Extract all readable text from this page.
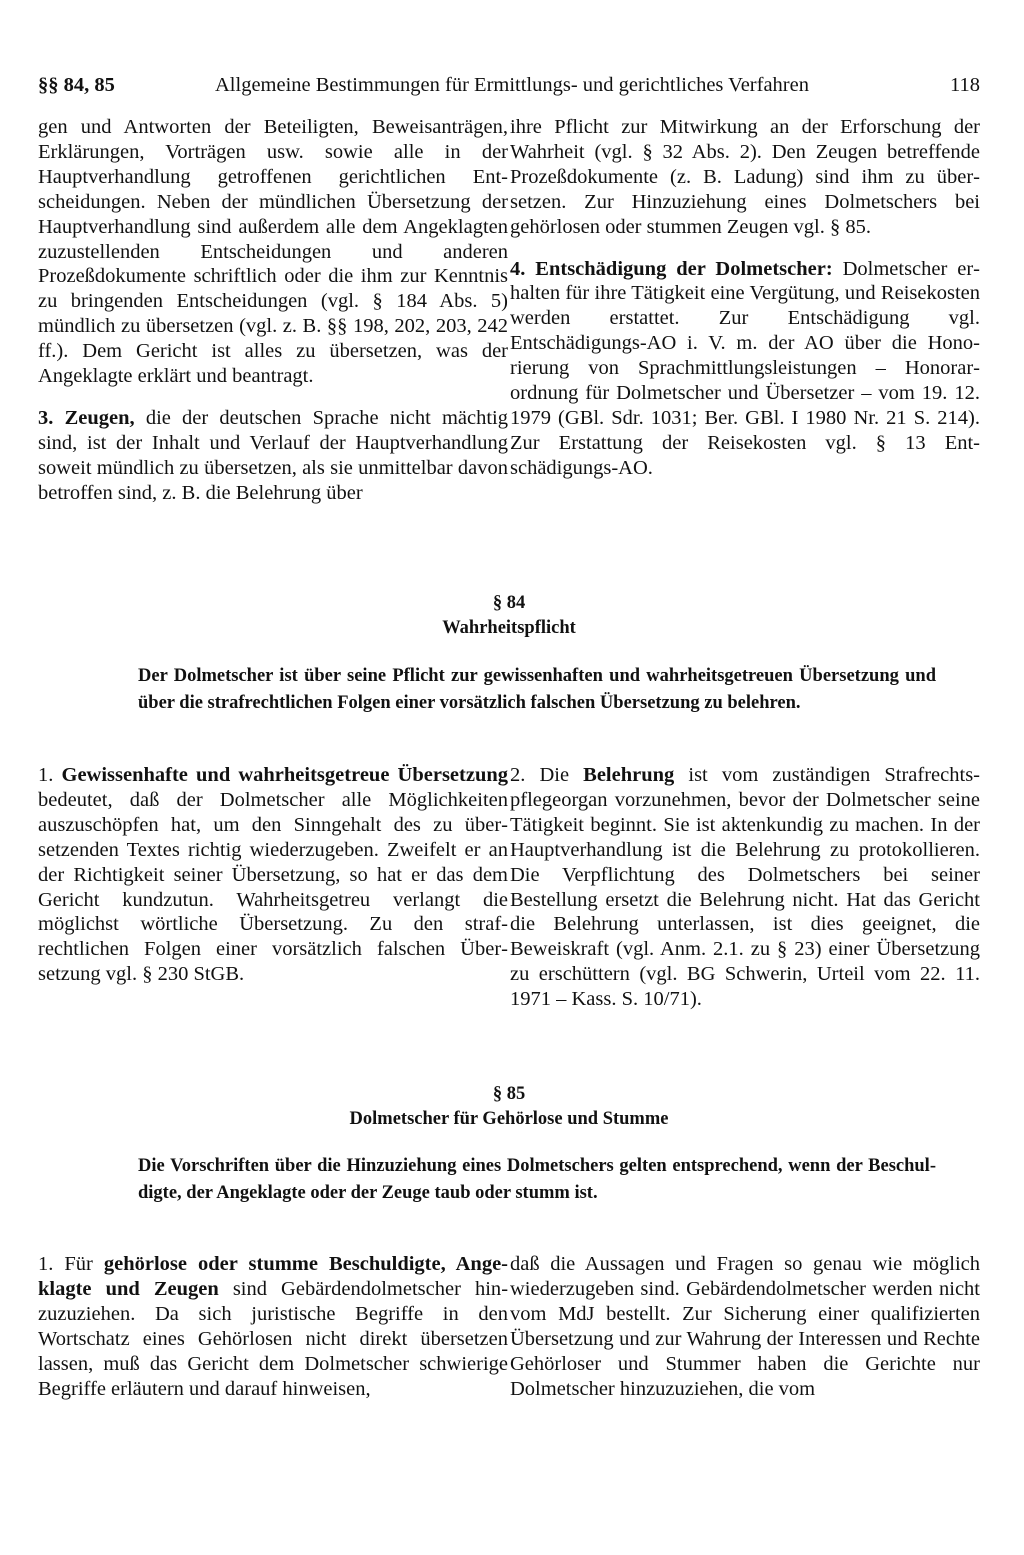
§§ 84, 85	Allgemeine Bestimmungen für Ermittlungs- und gerichtliches Verfahren	118

gen und Antworten der Beteiligten, Beweisanträgen, Erklärungen, Vorträgen usw. sowie alle in der Hauptverhandlung getroffenen gerichtlichen Entscheidungen. Neben der mündlichen Übersetzung der Hauptverhandlung sind außerdem alle dem Angeklagten zuzustellenden Entscheidungen und anderen Prozeßdokumente schriftlich oder die ihm zur Kenntnis zu bringenden Entscheidungen (vgl. § 184 Abs. 5) mündlich zu übersetzen (vgl. z. B. §§ 198, 202, 203, 242 ff.). Dem Gericht ist alles zu übersetzen, was der Angeklagte erklärt und beantragt.

3. Zeugen, die der deutschen Sprache nicht mächtig sind, ist der Inhalt und Verlauf der Hauptverhandlung soweit mündlich zu übersetzen, als sie unmittelbar davon betroffen sind, z. B. die Belehrung über

ihre Pflicht zur Mitwirkung an der Erforschung der Wahrheit (vgl. § 32 Abs. 2). Den Zeugen betreffende Prozeßdokumente (z. B. Ladung) sind ihm zu übersetzen. Zur Hinzuziehung eines Dolmetschers bei gehörlosen oder stummen Zeugen vgl. § 85.

4. Entschädigung der Dolmetscher: Dolmetscher erhalten für ihre Tätigkeit eine Vergütung, und Reisekosten werden erstattet. Zur Entschädigung vgl. Entschädigungs-AO i. V. m. der AO über die Honorierung von Sprachmittlungsleistungen – Honorarordnung für Dolmetscher und Übersetzer – vom 19. 12. 1979 (GBl. Sdr. 1031; Ber. GBl. I 1980 Nr. 21 S. 214). Zur Erstattung der Reisekosten vgl. § 13 Entschädigungs-AO.

§ 84
Wahrheitspflicht
Der Dolmetscher ist über seine Pflicht zur gewissenhaften und wahrheitsgetreuen Übersetzung und über die strafrechtlichen Folgen einer vorsätzlich falschen Übersetzung zu belehren.

1. Gewissenhafte und wahrheitsgetreue Übersetzung bedeutet, daß der Dolmetscher alle Möglichkeiten auszuschöpfen hat, um den Sinngehalt des zu übersetzenden Textes richtig wiederzugeben. Zweifelt er an der Richtigkeit seiner Übersetzung, so hat er das dem Gericht kundzutun. Wahrheitsgetreu verlangt die möglichst wörtliche Übersetzung. Zu den strafrechtlichen Folgen einer vorsätzlich falschen Übersetzung vgl. § 230 StGB.

2. Die Belehrung ist vom zuständigen Strafrechtspflegeorgan vorzunehmen, bevor der Dolmetscher seine Tätigkeit beginnt. Sie ist aktenkundig zu machen. In der Hauptverhandlung ist die Belehrung zu protokollieren. Die Verpflichtung des Dolmetschers bei seiner Bestellung ersetzt die Belehrung nicht. Hat das Gericht die Belehrung unterlassen, ist dies geeignet, die Beweiskraft (vgl. Anm. 2.1. zu § 23) einer Übersetzung zu erschüttern (vgl. BG Schwerin, Urteil vom 22. 11. 1971 – Kass. S. 10/71).

§ 85
Dolmetscher für Gehörlose und Stumme
Die Vorschriften über die Hinzuziehung eines Dolmetschers gelten entsprechend, wenn der Beschuldigte, der Angeklagte oder der Zeuge taub oder stumm ist.

1. Für gehörlose oder stumme Beschuldigte, Angeklagte und Zeugen sind Gebärdendolmetscher hinzuzuziehen. Da sich juristische Begriffe in den Wortschatz eines Gehörlosen nicht direkt übersetzen lassen, muß das Gericht dem Dolmetscher schwierige Begriffe erläutern und darauf hinweisen,

daß die Aussagen und Fragen so genau wie möglich wiederzugeben sind. Gebärdendolmetscher werden nicht vom MdJ bestellt. Zur Sicherung einer qualifizierten Übersetzung und zur Wahrung der Interessen und Rechte Gehörloser und Stummer haben die Gerichte nur Dolmetscher hinzuzuziehen, die vom
